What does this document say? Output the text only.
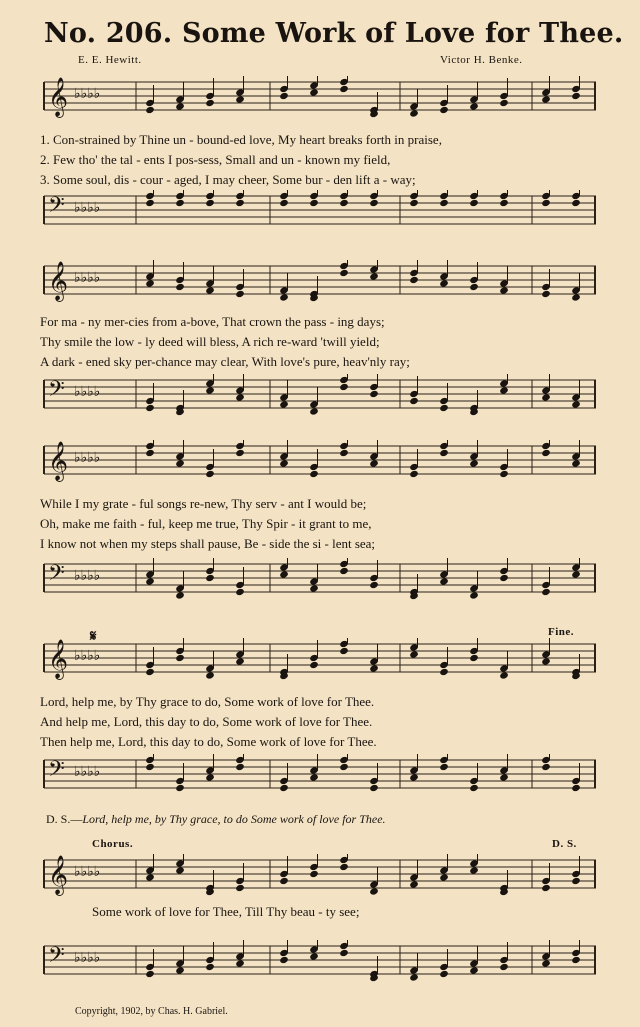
No. 206. Some Work of Love for Thee.
E. E. Hewitt.	Victor H. Benke.
𝄞 ♭♭♭♭
𝄢 ♭♭♭♭
1. Con-strained by Thine un - bound-ed love, My heart breaks forth in praise,
2. Few tho' the tal - ents I pos-sess, Small and un - known my field,
3. Some soul, dis - cour - aged, I may cheer, Some bur - den lift a - way;
𝄞 ♭♭♭♭
𝄢 ♭♭♭♭
For ma - ny mer-cies from a-bove, That crown the pass - ing days;
Thy smile the low - ly deed will bless, A rich re-ward 'twill yield;
A dark - ened sky per-chance may clear, With love's pure, heav'nly ray;
𝄞 ♭♭♭♭
𝄢 ♭♭♭♭
While I my grate - ful songs re-new, Thy serv - ant I would be;
Oh, make me faith - ful, keep me true, Thy Spir - it grant to me,
I know not when my steps shall pause, Be - side the si - lent sea;
Fine.
𝄞 ♭♭♭♭
𝄢 ♭♭♭♭
𝄋
Lord, help me, by Thy grace to do, Some work of love for Thee.
And help me, Lord, this day to do, Some work of love for Thee.
Then help me, Lord, this day to do, Some work of love for Thee.
D. S.—Lord, help me, by Thy grace, to do Some work of love for Thee.
Chorus.	D. S.
𝄞 ♭♭♭♭
𝄢 ♭♭♭♭
Some work of love for Thee, Till Thy beau - ty see;
Copyright, 1902, by Chas. H. Gabriel.
